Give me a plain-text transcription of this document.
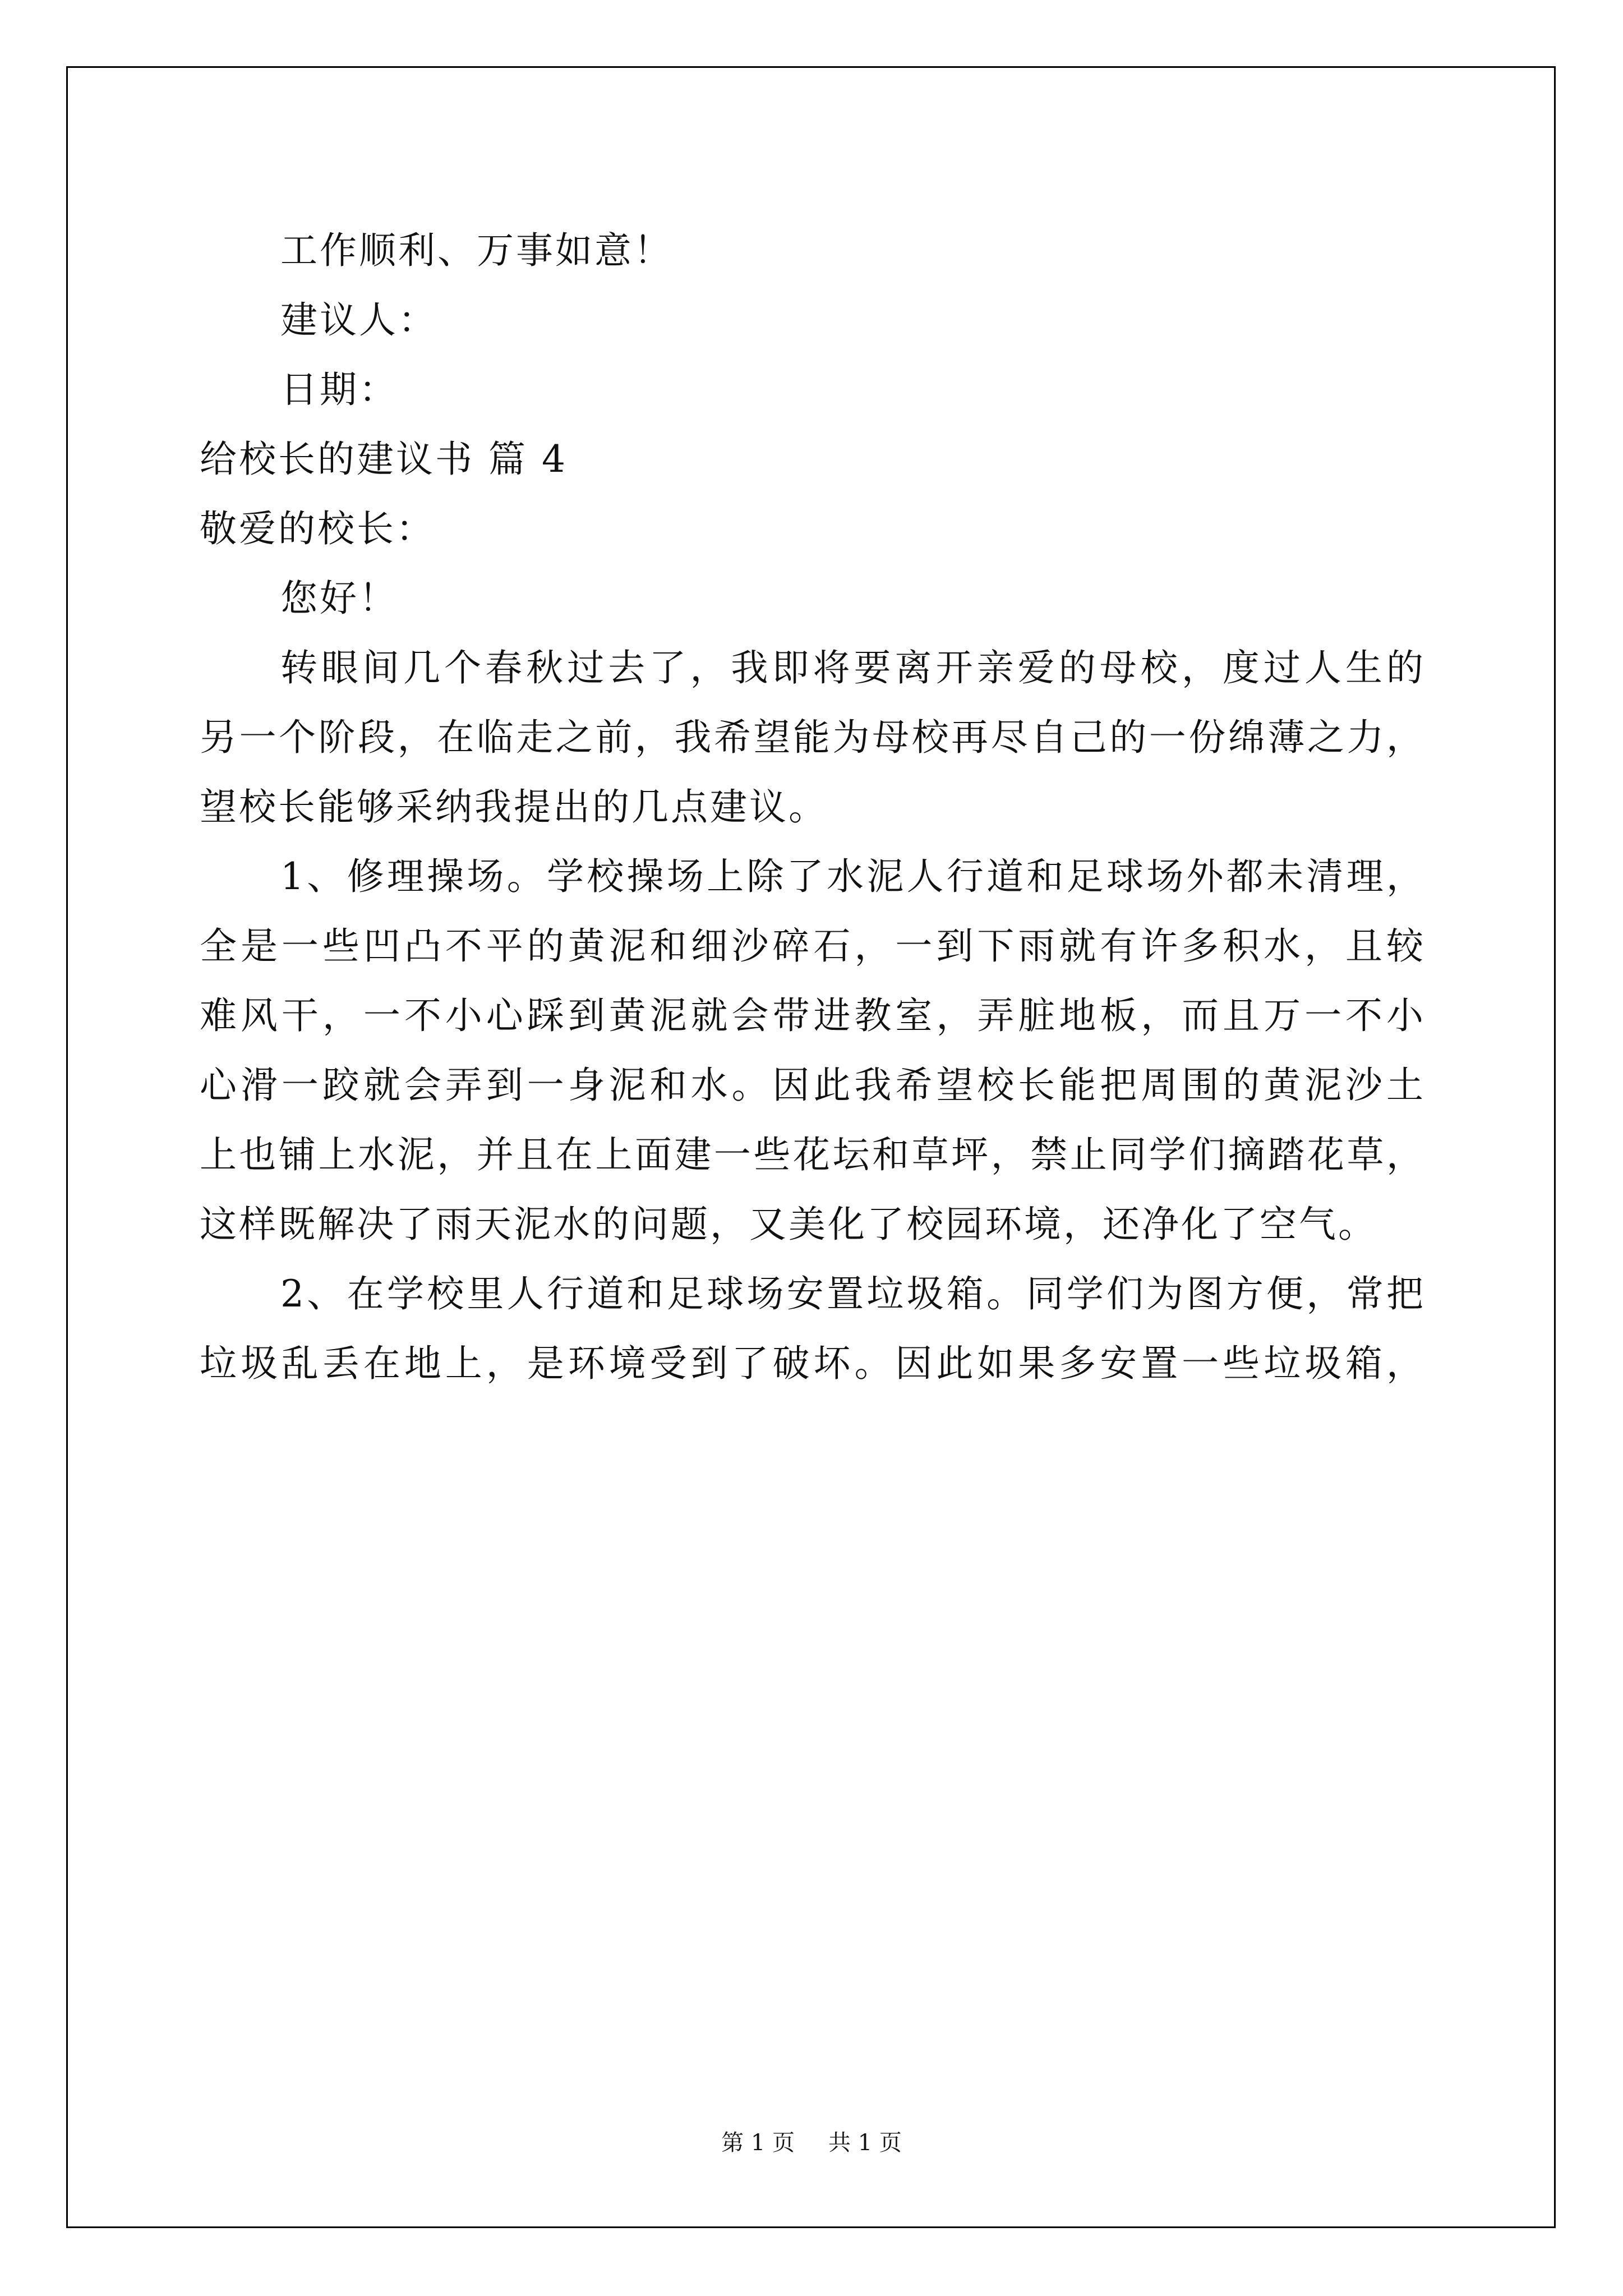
工作顺利、万事如意！
建议人：
日期：
给校长的建议书 篇 4
敬爱的校长：
您好！
转眼间几个春秋过去了，我即将要离开亲爱的母校，度过人生的
另一个阶段，在临走之前，我希望能为母校再尽自己的一份绵薄之力，
望校长能够采纳我提出的几点建议。
1、修理操场。学校操场上除了水泥人行道和足球场外都未清理，
全是一些凹凸不平的黄泥和细沙碎石，一到下雨就有许多积水，且较
难风干，一不小心踩到黄泥就会带进教室，弄脏地板，而且万一不小
心滑一跤就会弄到一身泥和水。因此我希望校长能把周围的黄泥沙土
上也铺上水泥，并且在上面建一些花坛和草坪，禁止同学们摘踏花草，
这样既解决了雨天泥水的问题，又美化了校园环境，还净化了空气。
2、在学校里人行道和足球场安置垃圾箱。同学们为图方便，常把
垃圾乱丢在地上，是环境受到了破坏。因此如果多安置一些垃圾箱，
第 1 页 共 1 页
